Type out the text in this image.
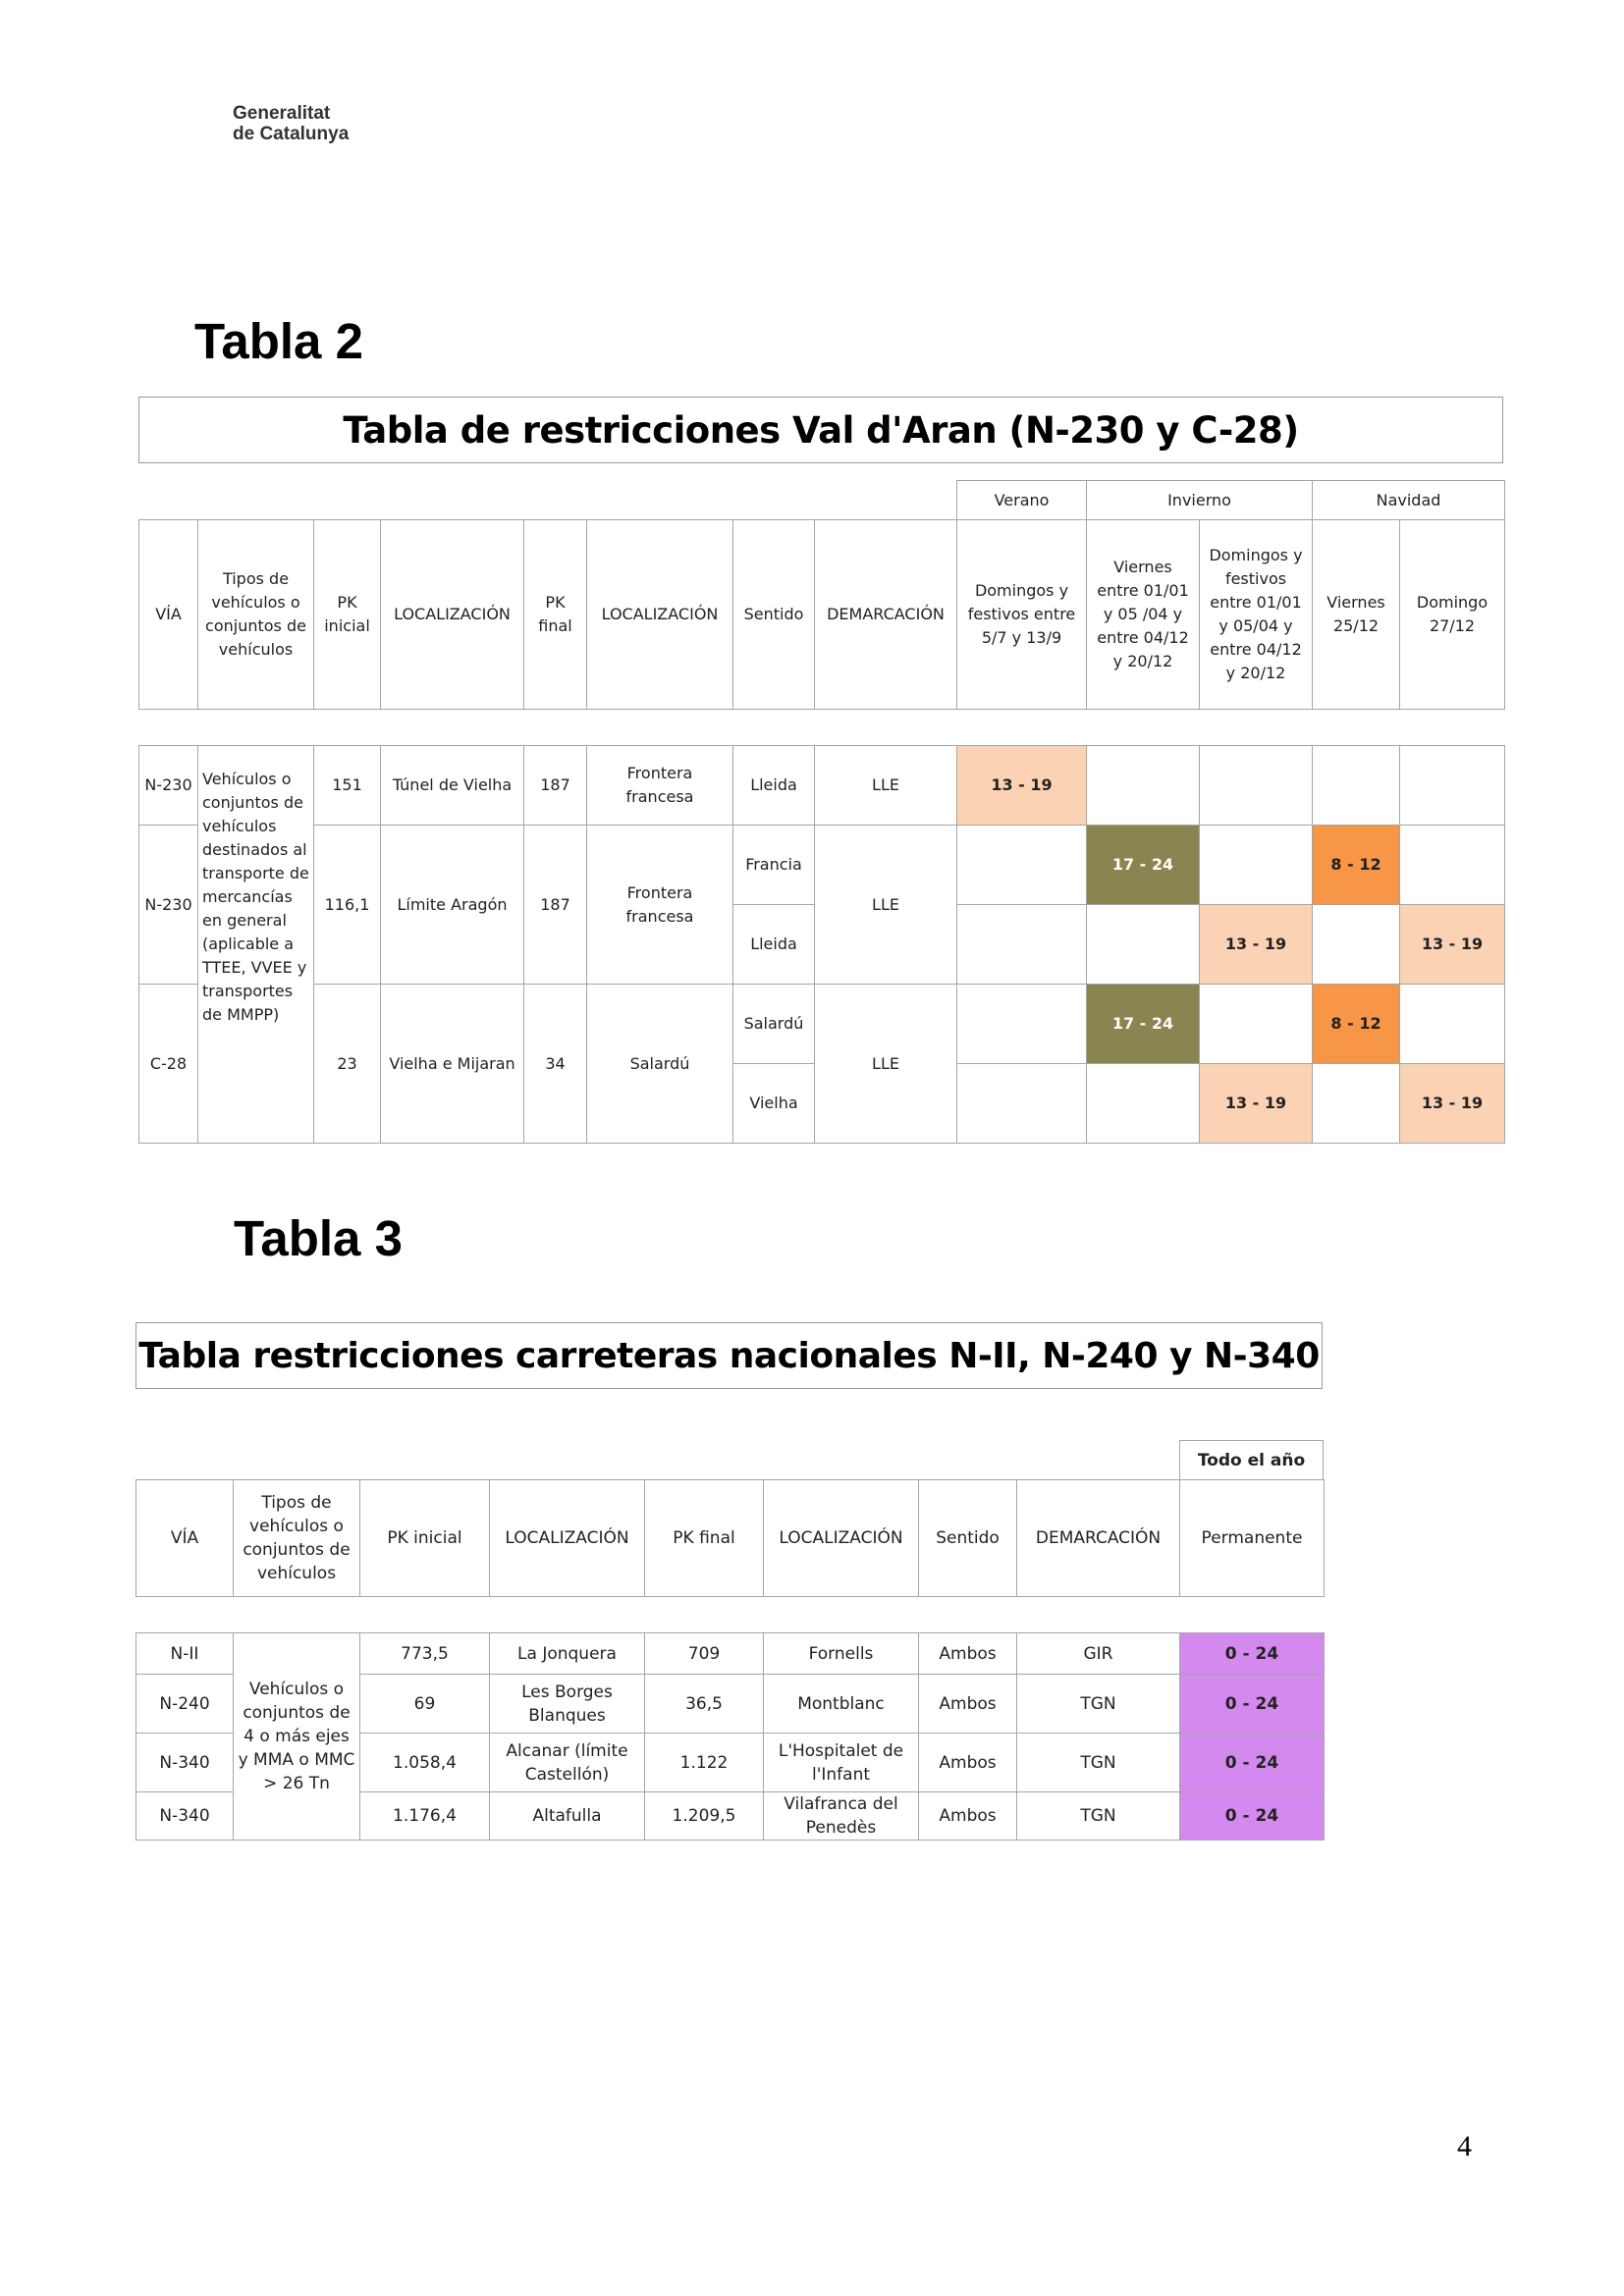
Generalitat
de Catalunya
Tabla 2
Tabla de restricciones Val d'Aran (N-230 y C-28)
Verano	Invierno	Navidad
VÍA	Tipos de vehículos o conjuntos de vehículos	PK inicial	LOCALIZACIÓN	PK final	LOCALIZACIÓN	Sentido	DEMARCACIÓN	Domingos y festivos entre 5/7 y 13/9	Viernes entre 01/01 y 05 /04 y entre 04/12 y 20/12	Domingos y festivos entre 01/01 y 05/04 y entre 04/12 y 20/12	Viernes 25/12	Domingo 27/12
N-230	Vehículos o conjuntos de vehículos destinados al transporte de mercancías en general (aplicable a TTEE, VVEE y transportes de MMPP)	151	Túnel de Vielha	187	Frontera francesa	Lleida	LLE	13 - 19				
N-230		116,1	Límite Aragón	187	Frontera francesa	Francia	LLE		17 - 24		8 - 12	
						Lleida				13 - 19		13 - 19
C-28		23	Vielha e Mijaran	34	Salardú	Salardú	LLE		17 - 24		8 - 12	
						Vielha				13 - 19		13 - 19
Tabla 3
Tabla restricciones carreteras nacionales N-II, N-240 y N-340
Todo el año
VÍA	Tipos de vehículos o conjuntos de vehículos	PK inicial	LOCALIZACIÓN	PK final	LOCALIZACIÓN	Sentido	DEMARCACIÓN	Permanente
N-II	Vehículos o conjuntos de 4 o más ejes y MMA o MMC > 26 Tn	773,5	La Jonquera	709	Fornells	Ambos	GIR	0 - 24
N-240		69	Les Borges Blanques	36,5	Montblanc	Ambos	TGN	0 - 24
N-340		1.058,4	Alcanar (límite Castellón)	1.122	L'Hospitalet de l'Infant	Ambos	TGN	0 - 24
N-340		1.176,4	Altafulla	1.209,5	Vilafranca del Penedès	Ambos	TGN	0 - 24
4
